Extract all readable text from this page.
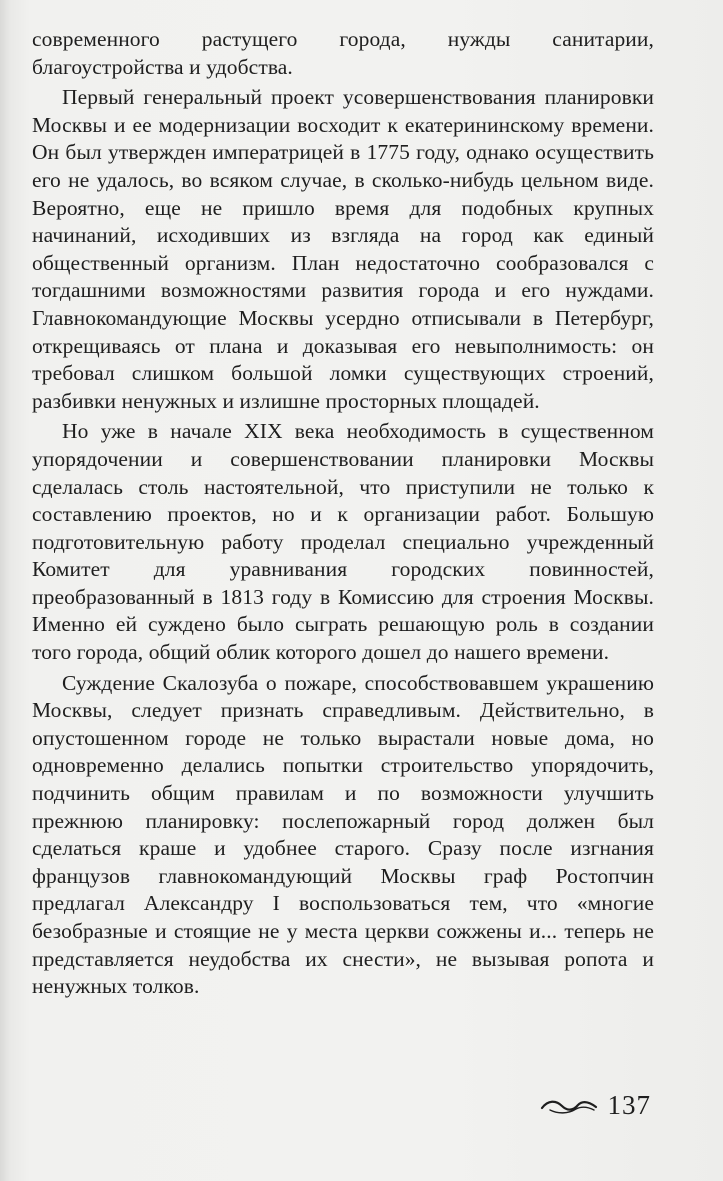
современного растущего города, нужды санитарии, благоустройства и удобства.

Первый генеральный проект усовершенствования планировки Москвы и ее модернизации восходит к екатерининскому времени. Он был утвержден императрицей в 1775 году, однако осуществить его не удалось, во всяком случае, в сколько-нибудь цельном виде. Вероятно, еще не пришло время для подобных крупных начинаний, исходивших из взгляда на город как единый общественный организм. План недостаточно сообразовался с тогдашними возможностями развития города и его нуждами. Главнокомандующие Москвы усердно отписывали в Петербург, открещиваясь от плана и доказывая его невыполнимость: он требовал слишком большой ломки существующих строений, разбивки ненужных и излишне просторных площадей.

Но уже в начале XIX века необходимость в существенном упорядочении и совершенствовании планировки Москвы сделалась столь настоятельной, что приступили не только к составлению проектов, но и к организации работ. Большую подготовительную работу проделал специально учрежденный Комитет для уравнивания городских повинностей, преобразованный в 1813 году в Комиссию для строения Москвы. Именно ей суждено было сыграть решающую роль в создании того города, общий облик которого дошел до нашего времени.

Суждение Скалозуба о пожаре, способствовавшем украшению Москвы, следует признать справедливым. Действительно, в опустошенном городе не только вырастали новые дома, но одновременно делались попытки строительство упорядочить, подчинить общим правилам и по возможности улучшить прежнюю планировку: послепожарный город должен был сделаться краше и удобнее старого. Сразу после изгнания французов главнокомандующий Москвы граф Ростопчин предлагал Александру I воспользоваться тем, что «многие безобразные и стоящие не у места церкви сожжены и... теперь не представляется неудобства их снести», не вызывая ропота и ненужных толков.

137
